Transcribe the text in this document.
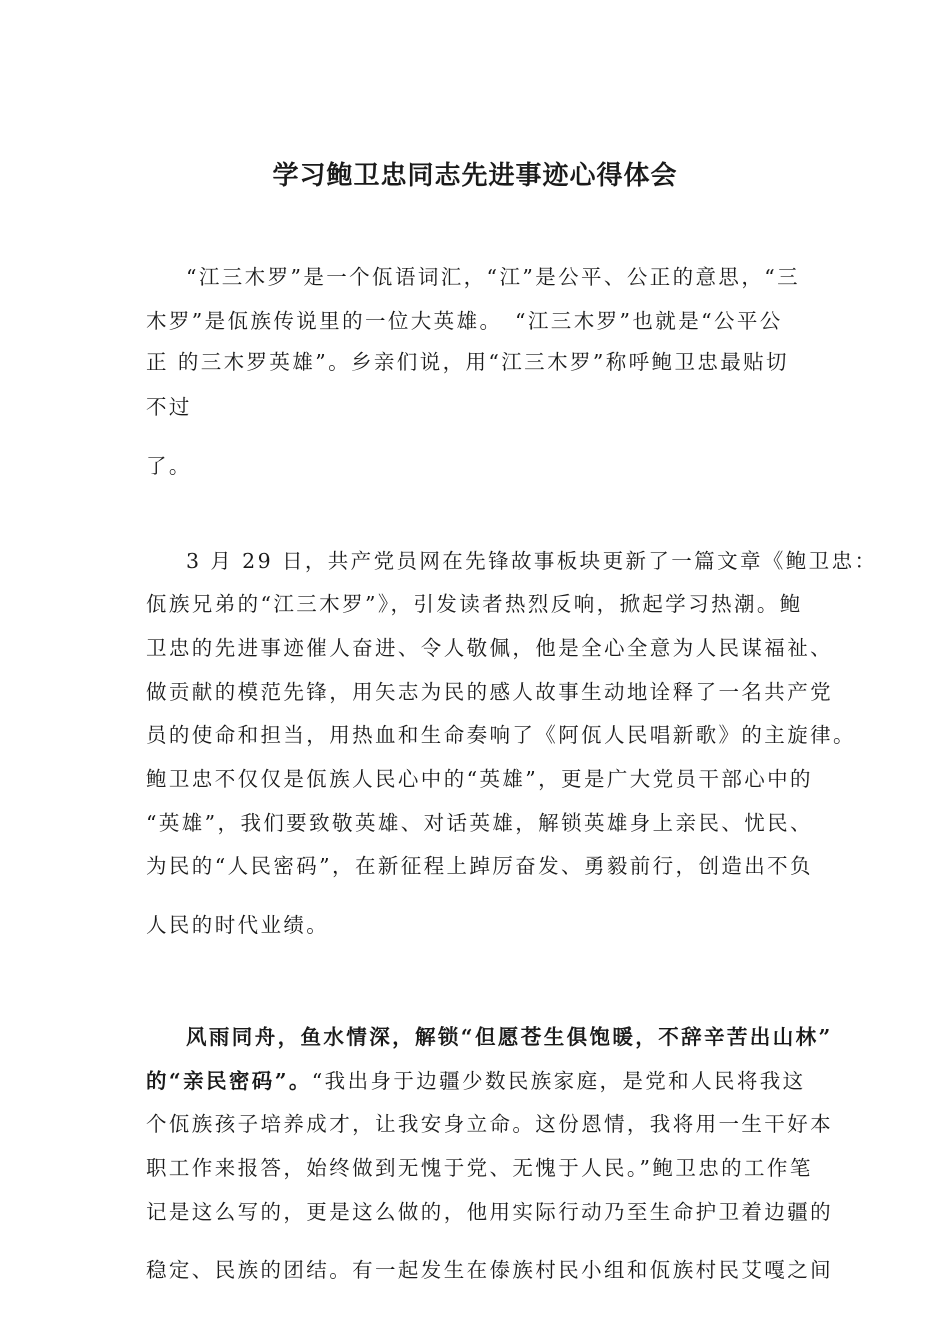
学习鲍卫忠同志先进事迹心得体会
“江三木罗”是一个佤语词汇，“江”是公平、公正的意思，“三
木罗”是佤族传说里的一位大英雄。　“江三木罗”也就是“公平公
正 的三木罗英雄”。乡亲们说，用“江三木罗”称呼鲍卫忠最贴切
不过
了。
3 月 29 日，共产党员网在先锋故事板块更新了一篇文章《鲍卫忠：
佤族兄弟的“江三木罗”》，引发读者热烈反响，掀起学习热潮。鲍
卫忠的先进事迹催人奋进、令人敬佩，他是全心全意为人民谋福祉、
做贡献的模范先锋，用矢志为民的感人故事生动地诠释了一名共产党
员的使命和担当，用热血和生命奏响了《阿佤人民唱新歌》的主旋律。
鲍卫忠不仅仅是佤族人民心中的“英雄”，更是广大党员干部心中的
“英雄”，我们要致敬英雄、对话英雄，解锁英雄身上亲民、忧民、
为民的“人民密码”，在新征程上踔厉奋发、勇毅前行，创造出不负
人民的时代业绩。
风雨同舟，鱼水情深，解锁“但愿苍生俱饱暖，不辞辛苦出山林”
的“亲民密码”。“我出身于边疆少数民族家庭，是党和人民将我这
个佤族孩子培养成才，让我安身立命。这份恩情，我将用一生干好本
职工作来报答，始终做到无愧于党、无愧于人民。”鲍卫忠的工作笔
记是这么写的，更是这么做的，他用实际行动乃至生命护卫着边疆的
稳定、民族的团结。有一起发生在傣族村民小组和佤族村民艾嘎之间
